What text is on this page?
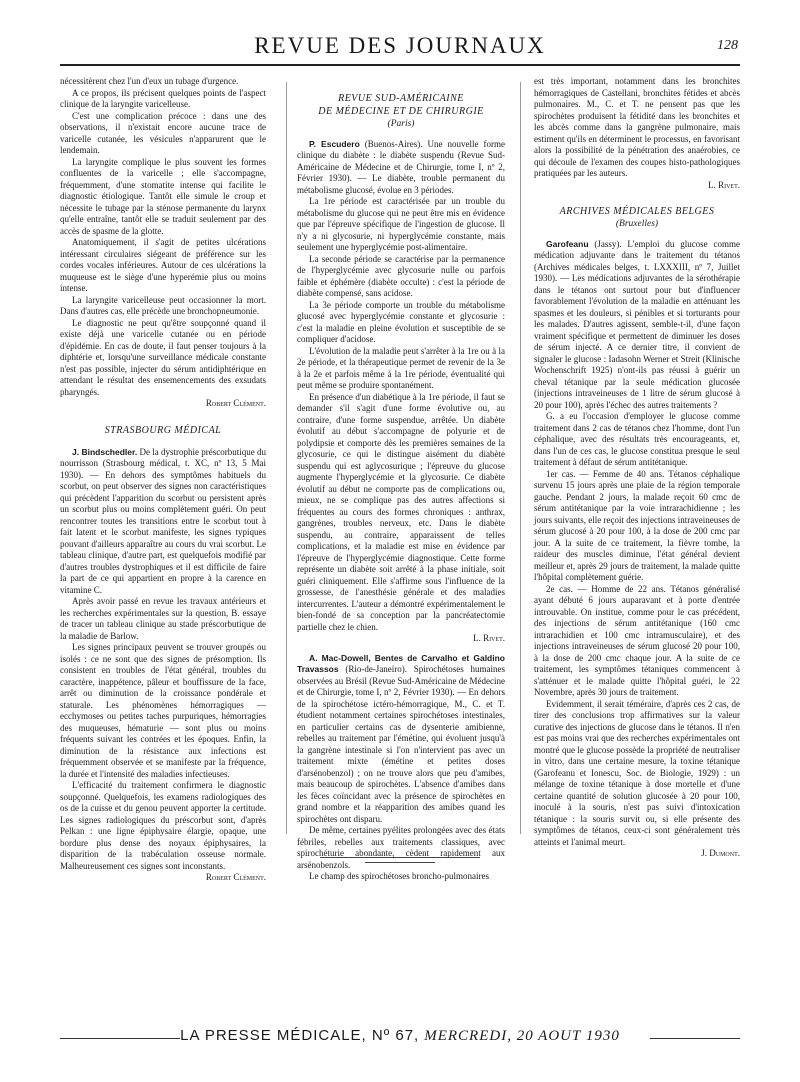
REVUE DES JOURNAUX	128

nécessitèrent chez l'un d'eux un tubage d'urgence.

A ce propos, ils précisent quelques points de l'aspect clinique de la laryngite varicelleuse.

C'est une complication précoce : dans une des observations, il n'existait encore aucune trace de varicelle cutanée, les vésicules n'apparurent que le lendemain.

La laryngite complique le plus souvent les formes confluentes de la varicelle ; elle s'accompagne, fréquemment, d'une stomatite intense qui facilite le diagnostic étiologique. Tantôt elle simule le croup et nécessite le tubage par la sténose permanente du larynx qu'elle entraîne, tantôt elle se traduit seulement par des accès de spasme de la glotte.

Anatomiquement, il s'agit de petites ulcérations intéressant circulaires siégeant de préférence sur les cordes vocales inférieures. Autour de ces ulcérations la muqueuse est le siège d'une hyperémie plus ou moins intense.

La laryngite varicelleuse peut occasionner la mort. Dans d'autres cas, elle précède une bronchopneumonie.

Le diagnostic ne peut qu'être soupçonné quand il existe déjà une varicelle cutanée ou en période d'épidémie. En cas de doute, il faut penser toujours à la diphtérie et, lorsqu'une surveillance médicale constante n'est pas possible, injecter du sérum antidiphtérique en attendant le résultat des ensemencements des exsudats pharyngés.

Robert Clément.

STRASBOURG MÉDICAL

J. Bindschedler. De la dystrophie préscorbutique du nourrisson (Strasbourg médical, t. XC, nº 13, 5 Mai 1930). — En dehors des symptômes habituels du scorbut, on peut observer des signes non caractéristiques qui précèdent l'apparition du scorbut ou persistent après un scorbut plus ou moins complètement guéri. On peut rencontrer toutes les transitions entre le scorbut tout à fait latent et le scorbut manifeste, les signes typiques pouvant d'ailleurs apparaître au cours du vrai scorbut. Le tableau clinique, d'autre part, est quelquefois modifié par d'autres troubles dystrophiques et il est difficile de faire la part de ce qui appartient en propre à la carence en vitamine C.

Après avoir passé en revue les travaux antérieurs et les recherches expérimentales sur la question, B. essaye de tracer un tableau clinique au stade préscorbutique de la maladie de Barlow.

Les signes principaux peuvent se trouver groupés ou isolés : ce ne sont que des signes de présomption. Ils consistent en troubles de l'état général, troubles du caractère, inappétence, pâleur et bouffissure de la face, arrêt ou diminution de la croissance pondérale et staturale. Les phénomènes hémorragiques — ecchymoses ou petites taches purpuriques, hémorragies des muqueuses, hématurie — sont plus ou moins fréquents suivant les contrées et les époques. Enfin, la diminution de la résistance aux infections est fréquemment observée et se manifeste par la fréquence, la durée et l'intensité des maladies infectieuses.

L'efficacité du traitement confirmera le diagnostic soupçonné. Quelquefois, les examens radiologiques des os de la cuisse et du genou peuvent apporter la certitude. Les signes radiologiques du préscorbut sont, d'après Pelkan : une ligne épiphysaire élargie, opaque, une bordure plus dense des noyaux épiphysaires, la disparition de la trabéculation osseuse normale. Malheureusement ces signes sont inconstants.

Robert Clément.

REVUE SUD-AMÉRICAINE
DE MÉDECINE ET DE CHIRURGIE
(Paris)

P. Escudero (Buenos-Aires). Une nouvelle forme clinique du diabète : le diabète suspendu (Revue Sud-Américaine de Médecine et de Chirurgie, tome I, nº 2, Février 1930). — Le diabète, trouble permanent du métabolisme glucosé, évolue en 3 périodes.

La 1re période est caractérisée par un trouble du métabolisme du glucose qui ne peut être mis en évidence que par l'épreuve spécifique de l'ingestion de glucose. Il n'y a ni glycosurie, ni hyperglycémie constante, mais seulement une hyperglycémie post-alimentaire.

La seconde période se caractérise par la permanence de l'hyperglycémie avec glycosurie nulle ou parfois faible et éphémère (diabète occulte) : c'est la période de diabète compensé, sans acidose.

La 3e période comporte un trouble du métabolisme glucosé avec hyperglycémie constante et glycosurie : c'est la maladie en pleine évolution et susceptible de se compliquer d'acidose.

L'évolution de la maladie peut s'arrêter à la 1re ou à la 2e période, et la thérapeutique permet de revenir de la 3e à la 2e et parfois même à la 1re période, éventualité qui peut même se produire spontanément.

En présence d'un diabétique à la 1re période, il faut se demander s'il s'agit d'une forme évolutive ou, au contraire, d'une forme suspendue, arrêtée. Un diabète évolutif au début s'accompagne de polyurie et de polydipsie et comporte dès les premières semaines de la glycosurie, ce qui le distingue aisément du diabète suspendu qui est aglycosurique ; l'épreuve du glucose augmente l'hyperglycémie et la glycosurie. Ce diabète évolutif au début ne comporte pas de complications ou, mieux, ne se complique pas des autres affections si fréquentes au cours des formes chroniques : anthrax, gangrènes, troubles nerveux, etc. Dans le diabète suspendu, au contraire, apparaissent de telles complications, et la maladie est mise en évidence par l'épreuve de l'hyperglycémie diagnostique. Cette forme représente un diabète soit arrêté à la phase initiale, soit guéri cliniquement. Elle s'affirme sous l'influence de la grossesse, de l'anesthésie générale et des maladies intercurrentes. L'auteur a démontré expérimentalement le bien-fondé de sa conception par la pancréatectomie partielle chez le chien.

L. Rivet.

A. Mac-Dowell, Bentes de Carvalho et Galdino Travassos (Rio-de-Janeiro). Spirochétoses humaines observées au Brésil (Revue Sud-Américaine de Médecine et de Chirurgie, tome I, nº 2, Février 1930). — En dehors de la spirochétose ictéro-hémorragique, M., C. et T. étudient notamment certaines spirochétoses intestinales, en particulier certains cas de dysenterie amibienne, rebelles au traitement par l'émétine, qui évoluent jusqu'à la gangrène intestinale si l'on n'intervient pas avec un traitement mixte (émétine et petites doses d'arsénobenzol) ; on ne trouve alors que peu d'amibes, mais beaucoup de spirochètes. L'absence d'amibes dans les fèces coïncidant avec la présence de spirochètes en grand nombre et la réapparition des amibes quand les spirochètes ont disparu.

De même, certaines pyélites prolongées avec des états fébriles, rebelles aux traitements classiques, avec spirochéturie abondante, cèdent rapidement aux arsénobenzols.

Le champ des spirochétoses broncho-pulmonaires

est très important, notamment dans les bronchites hémorragiques de Castellani, bronchites fétides et abcès pulmonaires. M., C. et T. ne pensent pas que les spirochètes produisent la fétidité dans les bronchites et les abcès comme dans la gangrène pulmonaire, mais estiment qu'ils en déterminent le processus, en favorisant alors la possibilité de la pénétration des anaérobies, ce qui découle de l'examen des coupes histo-pathologiques pratiquées par les auteurs.

L. Rivet.

ARCHIVES MÉDICALES BELGES
(Bruxelles)

Garofeanu (Jassy). L'emploi du glucose comme médication adjuvante dans le traitement du tétanos (Archives médicales belges, t. LXXXIII, nº 7, Juillet 1930). — Les médications adjuvantes de la sérothérapie dans le tétanos ont surtout pour but d'influencer favorablement l'évolution de la maladie en atténuant les spasmes et les douleurs, si pénibles et si torturants pour les malades. D'autres agissent, semble-t-il, d'une façon vraiment spécifique et permettent de diminuer les doses de sérum injecté. A ce dernier titre, il convient de signaler le glucose : Iadasohn Werner et Streit (Klinische Wochenschrift 1925) n'ont-ils pas réussi à guérir un cheval tétanique par la seule médication glucosée (injections intraveineuses de 1 litre de sérum glucosé à 20 pour 100), après l'échec des autres traitements ?

G. a eu l'occasion d'employer le glucose comme traitement dans 2 cas de tétanos chez l'homme, dont l'un céphalique, avec des résultats très encourageants, et, dans l'un de ces cas, le glucose constitua presque le seul traitement à défaut de sérum antitétanique.

1er cas. — Femme de 40 ans. Tétanos céphalique survenu 15 jours après une plaie de la région temporale gauche. Pendant 2 jours, la malade reçoit 60 cmc de sérum antitétanique par la voie intrarachidienne ; les jours suivants, elle reçoit des injections intraveineuses de sérum glucosé à 20 pour 100, à la dose de 200 cmc par jour. A la suite de ce traitement, la fièvre tombe, la raideur des muscles diminue, l'état général devient meilleur et, après 29 jours de traitement, la malade quitte l'hôpital complètement guérie.

2e cas. — Homme de 22 ans. Tétanos généralisé ayant débuté 6 jours auparavant et à porte d'entrée introuvable. On institue, comme pour le cas précédent, des injections de sérum antitétanique (160 cmc intrarachidien et 100 cmc intramusculaire), et des injections intraveineuses de sérum glucosé 20 pour 100, à la dose de 200 cmc chaque jour. A la suite de ce traitement, les symptômes tétaniques commencent à s'atténuer et le malade quitte l'hôpital guéri, le 22 Novembre, après 30 jours de traitement.

Evidemment, il serait téméraire, d'après ces 2 cas, de tirer des conclusions trop affirmatives sur la valeur curative des injections de glucose dans le tétanos. Il n'en est pas moins vrai que des recherches expérimentales ont montré que le glucose possède la propriété de neutraliser in vitro, dans une certaine mesure, la toxine tétanique (Garofeanu et Ionescu, Soc. de Biologie, 1929) : un mélange de toxine tétanique à dose mortelle et d'une certaine quantité de solution glucosée à 20 pour 100, inoculé à la souris, n'est pas suivi d'intoxication tétanique : la souris survit ou, si elle présente des symptômes de tétanos, ceux-ci sont généralement très atteints et l'animal meurt.

J. Dumont.

LA PRESSE MÉDICALE, Nº 67, MERCREDI, 20 AOUT 1930
